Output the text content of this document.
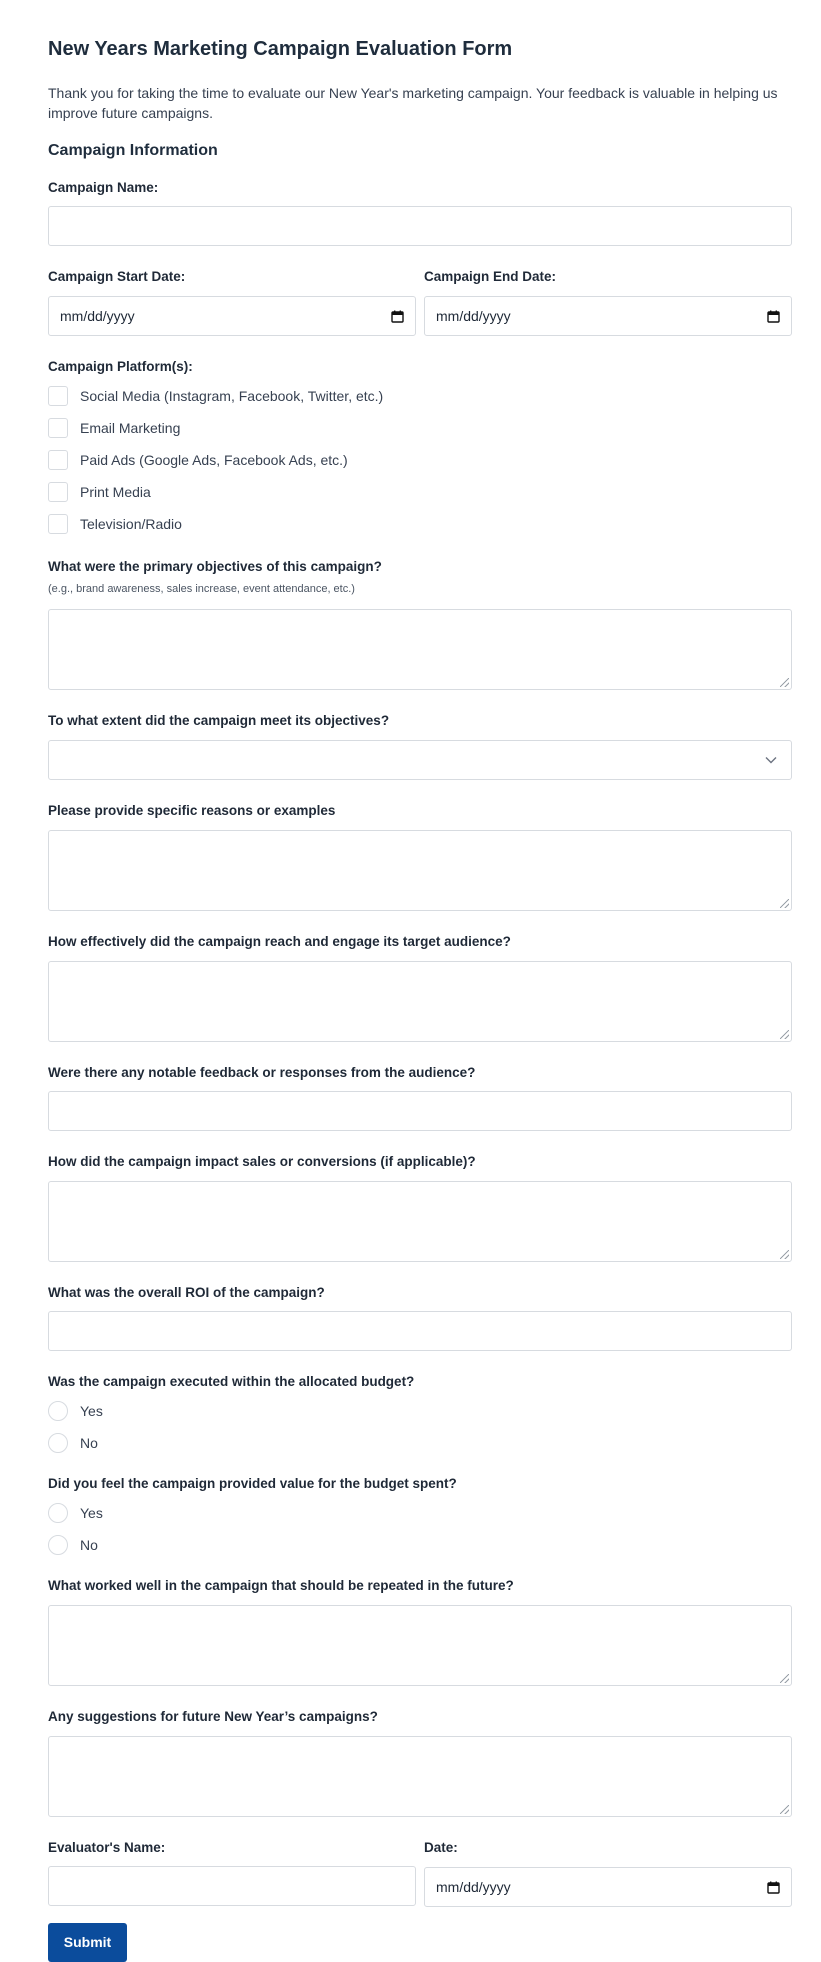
New Years Marketing Campaign Evaluation Form

Thank you for taking the time to evaluate our New Year's marketing campaign. Your feedback is valuable in helping us improve future campaigns.

Campaign Information
Campaign Name:
Campaign Start Date:
mm/dd/yyyy
Campaign End Date:
mm/dd/yyyy
Campaign Platform(s):
Social Media (Instagram, Facebook, Twitter, etc.)
Email Marketing
Paid Ads (Google Ads, Facebook Ads, etc.)
Print Media
Television/Radio
What were the primary objectives of this campaign?
(e.g., brand awareness, sales increase, event attendance, etc.)
To what extent did the campaign meet its objectives?
Please provide specific reasons or examples
How effectively did the campaign reach and engage its target audience?
Were there any notable feedback or responses from the audience?
How did the campaign impact sales or conversions (if applicable)?
What was the overall ROI of the campaign?
Was the campaign executed within the allocated budget?
Yes
No
Did you feel the campaign provided value for the budget spent?
Yes
No
What worked well in the campaign that should be repeated in the future?
Any suggestions for future New Year’s campaigns?
Evaluator's Name:	Date:
mm/dd/yyyy
Submit
